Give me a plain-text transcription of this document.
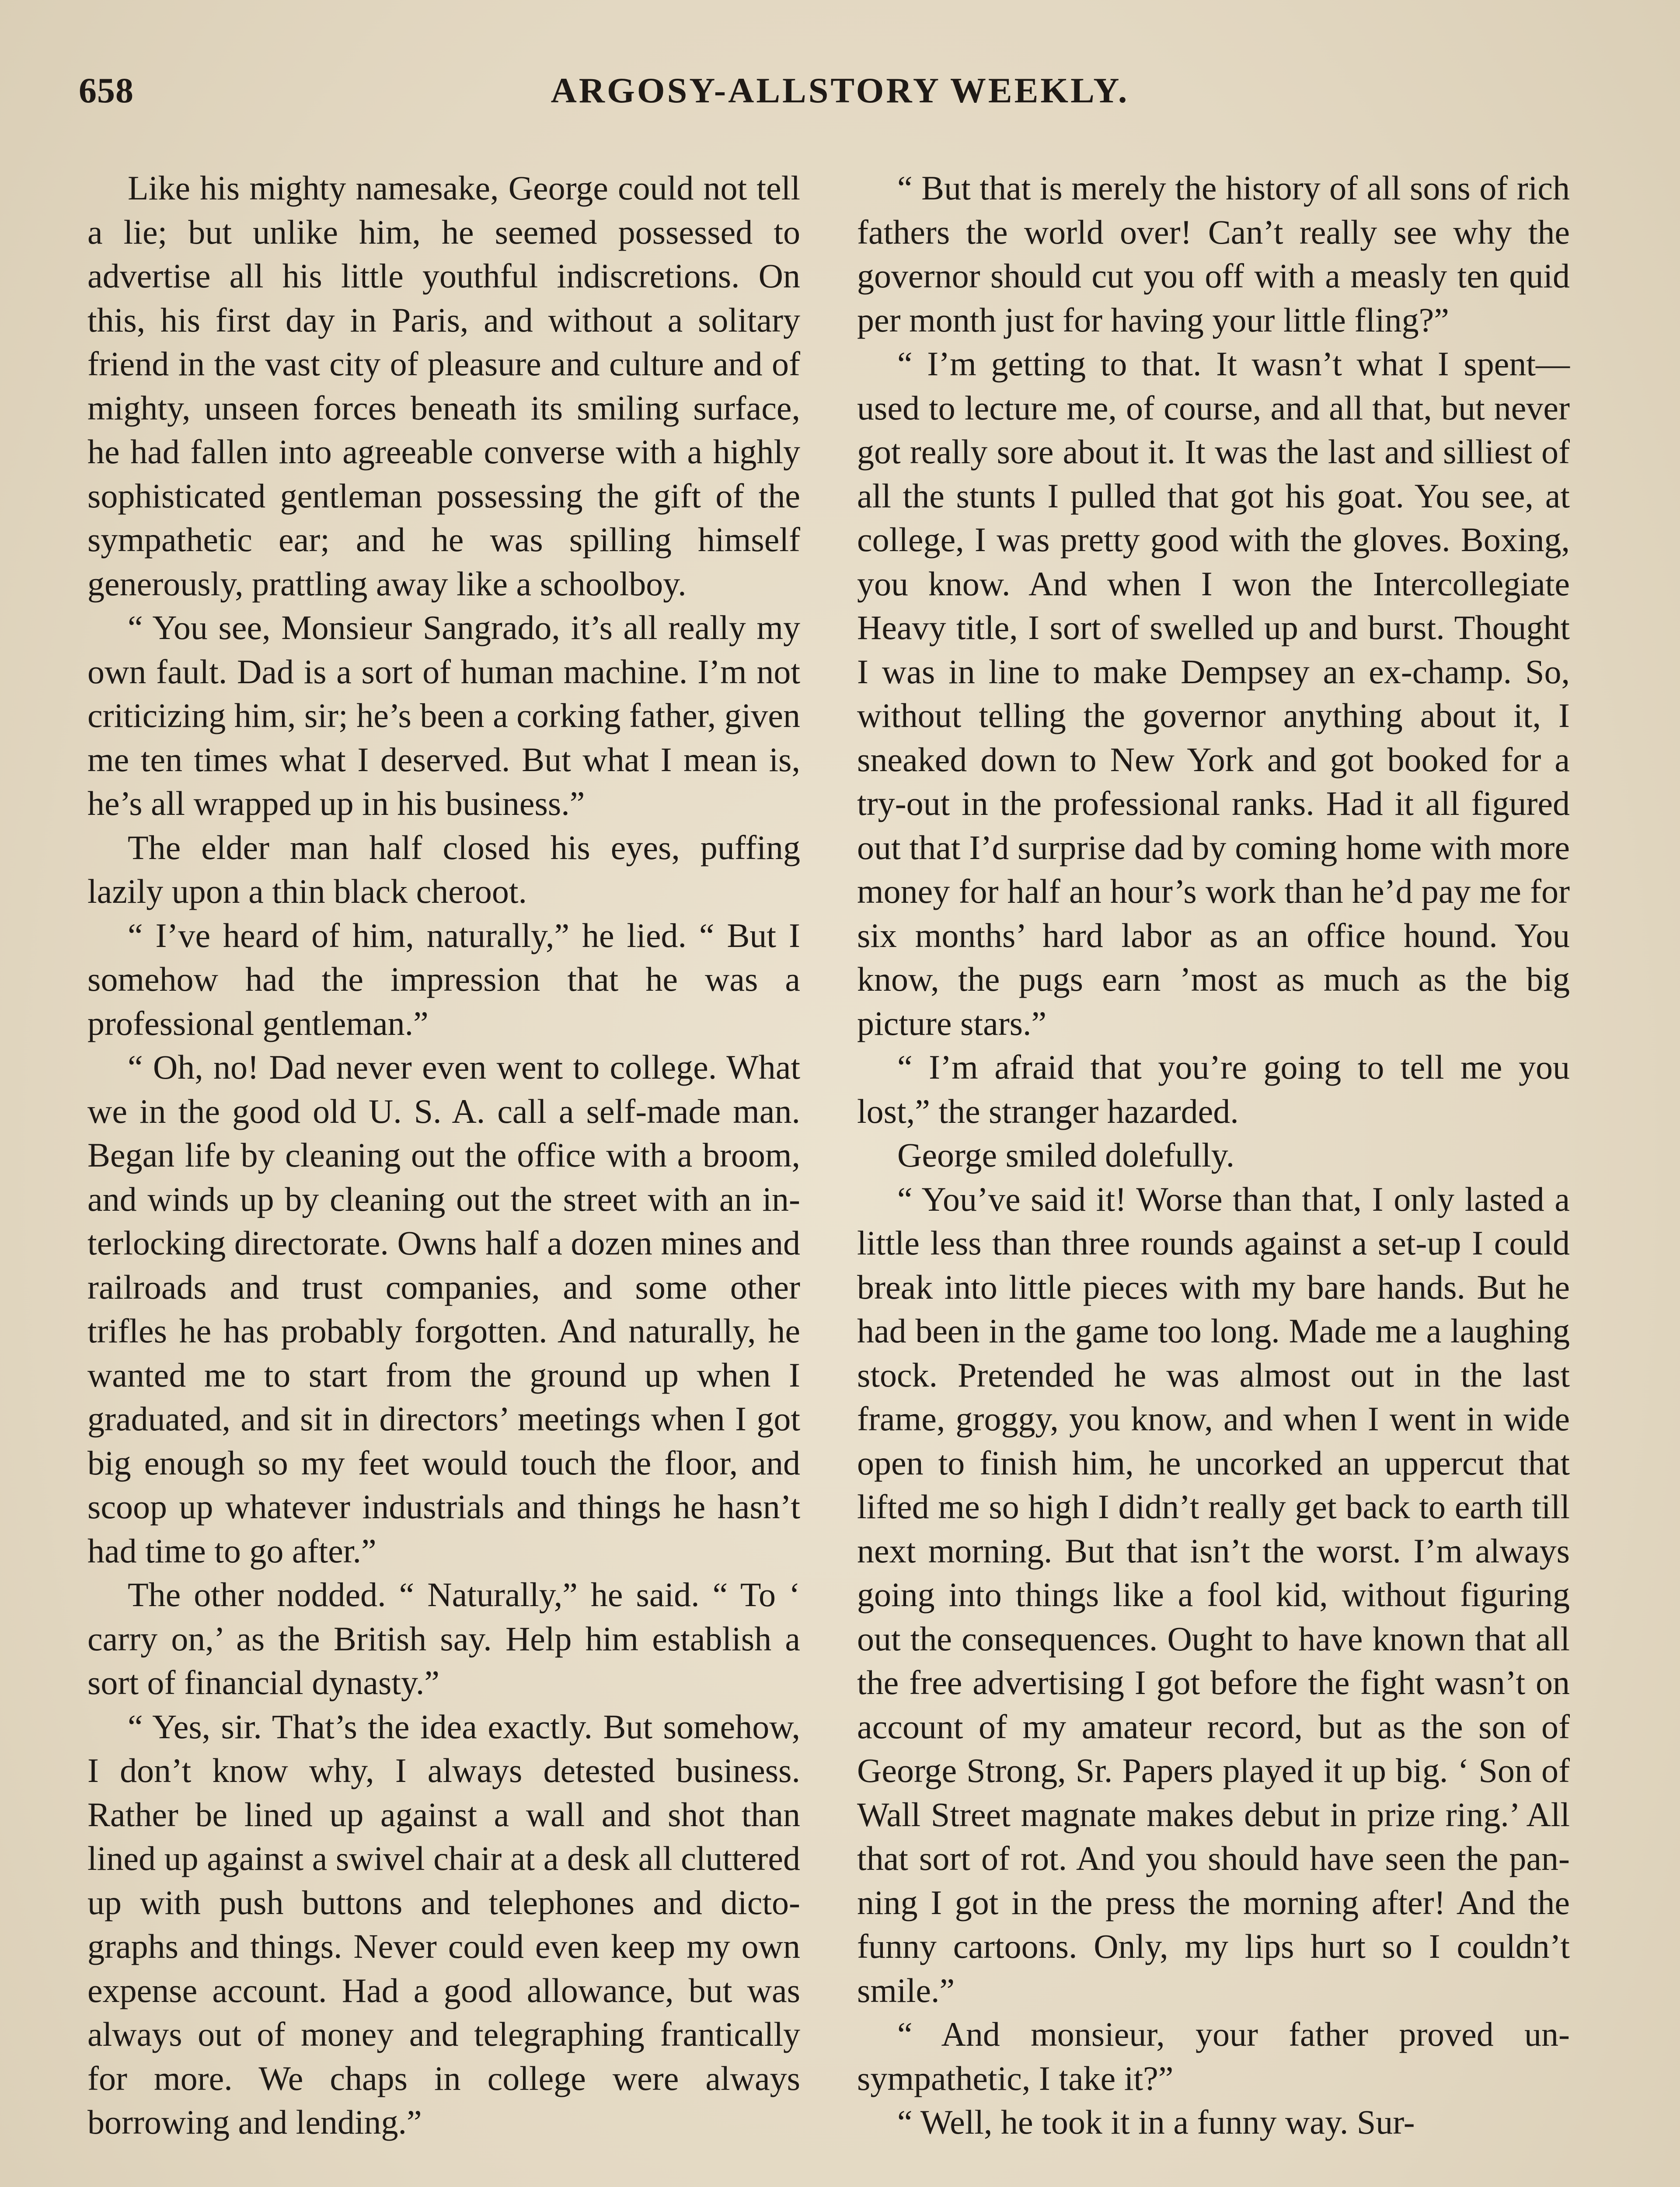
658	ARGOSY-ALLSTORY WEEKLY.

Like his mighty namesake, George could not tell a lie; but unlike him, he seemed possessed to advertise all his little youthful indiscretions. On this, his first day in Paris, and without a solitary friend in the vast city of pleasure and culture and of mighty, unseen forces beneath its smiling surface, he had fallen into agreeable converse with a highly sophisticated gentleman possessing the gift of the sympathetic ear; and he was spilling himself generously, prattling away like a schoolboy.

“ You see, Monsieur Sangrado, it’s all really my own fault. Dad is a sort of human machine. I’m not criticizing him, sir; he’s been a corking father, given me ten times what I deserved. But what I mean is, he’s all wrapped up in his business.”

The elder man half closed his eyes, puffing lazily upon a thin black cheroot.

“ I’ve heard of him, naturally,” he lied. “ But I somehow had the impression that he was a professional gentleman.”

“ Oh, no! Dad never even went to college. What we in the good old U. S. A. call a self-made man. Began life by cleaning out the office with a broom, and winds up by cleaning out the street with an interlocking directorate. Owns half a dozen mines and railroads and trust companies, and some other trifles he has probably forgotten. And naturally, he wanted me to start from the ground up when I graduated, and sit in directors’ meetings when I got big enough so my feet would touch the floor, and scoop up whatever industrials and things he hasn’t had time to go after.”

The other nodded. “ Naturally,” he said. “ To ‘ carry on,’ as the British say. Help him establish a sort of financial dynasty.”

“ Yes, sir. That’s the idea exactly. But somehow, I don’t know why, I always detested business. Rather be lined up against a wall and shot than lined up against a swivel chair at a desk all cluttered up with push buttons and telephones and dictographs and things. Never could even keep my own expense account. Had a good allowance, but was always out of money and telegraphing frantically for more. We chaps in college were always borrowing and lending.”

“ But that is merely the history of all sons of rich fathers the world over! Can’t really see why the governor should cut you off with a measly ten quid per month just for having your little fling?”

“ I’m getting to that. It wasn’t what I spent—used to lecture me, of course, and all that, but never got really sore about it. It was the last and silliest of all the stunts I pulled that got his goat. You see, at college, I was pretty good with the gloves. Boxing, you know. And when I won the Intercollegiate Heavy title, I sort of swelled up and burst. Thought I was in line to make Dempsey an ex-champ. So, without telling the governor anything about it, I sneaked down to New York and got booked for a try-out in the professional ranks. Had it all figured out that I’d surprise dad by coming home with more money for half an hour’s work than he’d pay me for six months’ hard labor as an office hound. You know, the pugs earn ’most as much as the big picture stars.”

“ I’m afraid that you’re going to tell me you lost,” the stranger hazarded.

George smiled dolefully.

“ You’ve said it! Worse than that, I only lasted a little less than three rounds against a set-up I could break into little pieces with my bare hands. But he had been in the game too long. Made me a laughing stock. Pretended he was almost out in the last frame, groggy, you know, and when I went in wide open to finish him, he uncorked an uppercut that lifted me so high I didn’t really get back to earth till next morning. But that isn’t the worst. I’m always going into things like a fool kid, without figuring out the consequences. Ought to have known that all the free advertising I got before the fight wasn’t on account of my amateur record, but as the son of George Strong, Sr. Papers played it up big. ‘ Son of Wall Street magnate makes debut in prize ring.’ All that sort of rot. And you should have seen the panning I got in the press the morning after! And the funny cartoons. Only, my lips hurt so I couldn’t smile.”

“ And monsieur, your father proved unsympathetic, I take it?”

“ Well, he took it in a funny way. Sur-
